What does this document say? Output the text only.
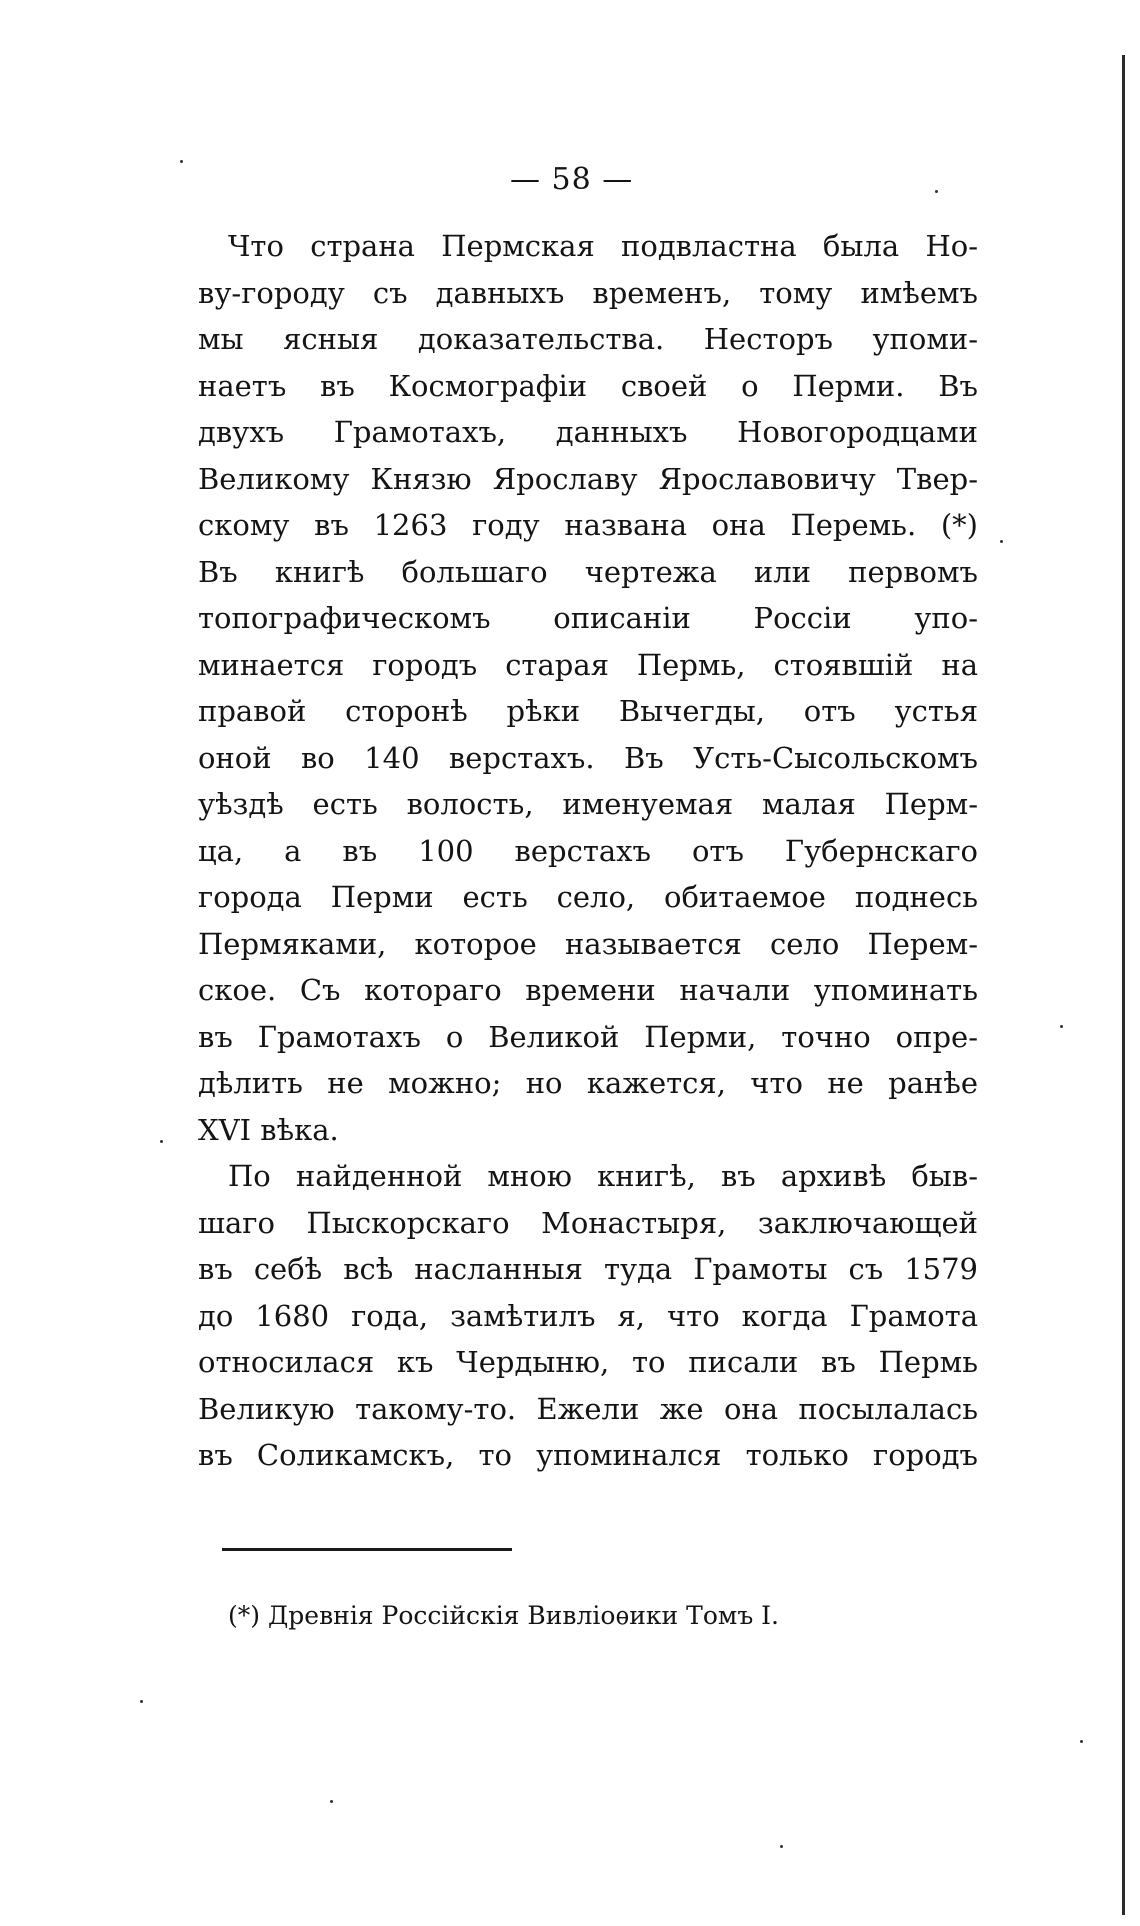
— 58 —
Что страна Пермская подвластна была Но-
ву-городу съ давныхъ временъ, тому имѣемъ
мы ясныя доказательства. Несторъ упоми-
наетъ въ Космографіи своей о Перми. Въ
двухъ Грамотахъ, данныхъ Новогородцами
Великому Князю Ярославу Ярославовичу Твер-
скому въ 1263 году названа она Перемь. (*)
Въ книгѣ большаго чертежа или первомъ
топографическомъ описаніи Россіи упо-
минается городъ старая Пермь, стоявшій на
правой сторонѣ рѣки Вычегды, отъ устья
оной во 140 верстахъ. Въ Усть-Сысольскомъ
уѣздѣ есть волость, именуемая малая Перм-
ца, а въ 100 верстахъ отъ Губернскаго
города Перми есть село, обитаемое поднесь
Пермяками, которое называется село Перем-
ское. Съ котораго времени начали упоминать
въ Грамотахъ о Великой Перми, точно опре-
дѣлить не можно; но кажется, что не ранѣе
XVI вѣка.
По найденной мною книгѣ, въ архивѣ быв-
шаго Пыскорскаго Монастыря, заключающей
въ себѣ всѣ насланныя туда Грамоты съ 1579
до 1680 года, замѣтилъ я, что когда Грамота
относилася къ Чердыню, то писали въ Пермь
Великую такому-то. Ежели же она посылалась
въ Соликамскъ, то упоминался только городъ
(*) Древнія Россійскія Вивліоѳики Томъ I.
